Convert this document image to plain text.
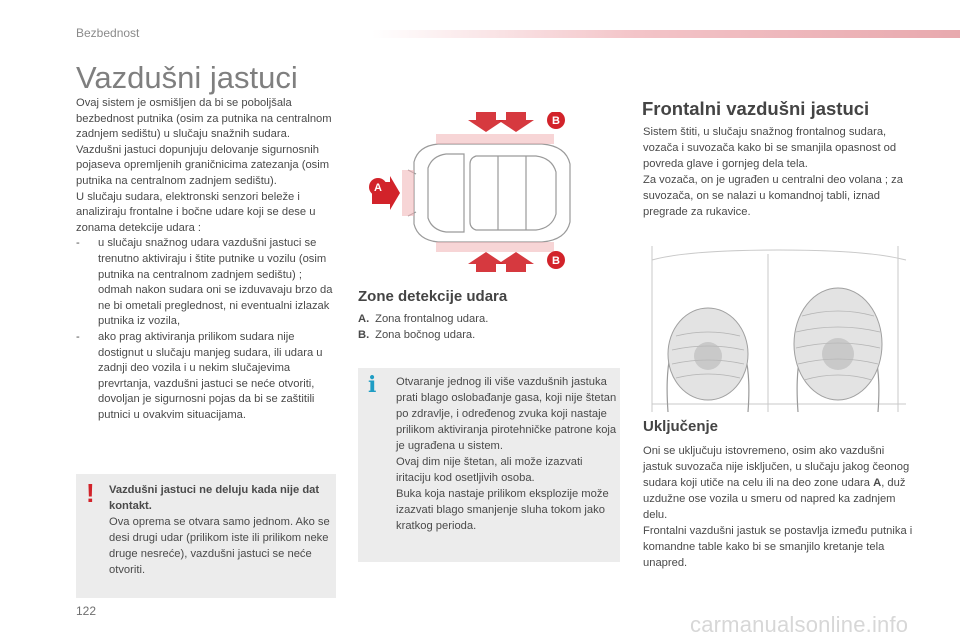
Bezbednost
Vazdušni jastuci

Ovaj sistem je osmišljen da bi se poboljšala bezbednost putnika (osim za putnika na centralnom zadnjem sedištu) u slučaju snažnih sudara. Vazdušni jastuci dopunjuju delovanje sigurnosnih pojaseva opremljenih graničnicima zatezanja (osim putnika na centralnom zadnjem sedištu).

U slučaju sudara, elektronski senzori beleže i analiziraju frontalne i bočne udare koji se dese u zonama detekcije udara :

- u slučaju snažnog udara vazdušni jastuci se trenutno aktiviraju i štite putnike u vozilu (osim putnika na centralnom zadnjem sedištu) ; odmah nakon sudara oni se izduvavaju brzo da ne bi ometali preglednost, ni eventualni izlazak putnika iz vozila,
- ako prag aktiviranja prilikom sudara nije dostignut u slučaju manjeg sudara, ili udara u zadnji deo vozila i u nekim slučajevima prevrtanja, vazdušni jastuci se neće otvoriti, dovoljan je sigurnosni pojas da bi se zaštitili putnici u ovakvim situacijama.
! Vazdušni jastuci ne deluju kada nije dat kontakt.
Ova oprema se otvara samo jednom. Ako se desi drugi udar (prilikom iste ili prilikom neke druge nesreće), vazdušni jastuci se neće otvoriti.
A
B
B
Zone detekcije udara
A. Zona frontalnog udara.
B. Zona bočnog udara.
i Otvaranje jednog ili više vazdušnih jastuka prati blago oslobađanje gasa, koji nije štetan po zdravlje, i određenog zvuka koji nastaje prilikom aktiviranja pirotehničke patrone koja je ugrađena u sistem.
Ovaj dim nije štetan, ali može izazvati iritaciju kod osetljivih osoba.
Buka koja nastaje prilikom eksplozije može izazvati blago smanjenje sluha tokom jako kratkog perioda.
Frontalni vazdušni jastuci
Sistem štiti, u slučaju snažnog frontalnog sudara, vozača i suvozača kako bi se smanjila opasnost od povreda glave i gornjeg dela tela.
Za vozača, on je ugrađen u centralni deo volana ; za suvozača, on se nalazi u komandnoj tabli, iznad pregrade za rukavice.
Uključenje
Oni se uključuju istovremeno, osim ako vazdušni jastuk suvozača nije isključen, u slučaju jakog čeonog sudara koji utiče na celu ili na deo zone udara A, duž uzdužne ose vozila u smeru od napred ka zadnjem delu.
Frontalni vazdušni jastuk se postavlja između putnika i komandne table kako bi se smanjilo kretanje tela unapred.
122
carmanualsonline.info
